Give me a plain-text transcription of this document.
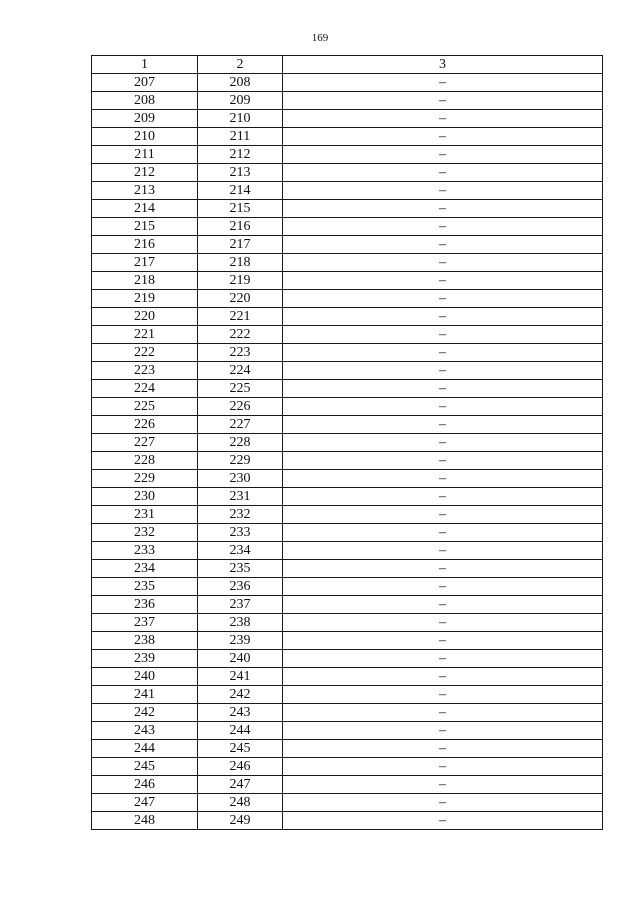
169
1	2	3
207	208	–
208	209	–
209	210	–
210	211	–
211	212	–
212	213	–
213	214	–
214	215	–
215	216	–
216	217	–
217	218	–
218	219	–
219	220	–
220	221	–
221	222	–
222	223	–
223	224	–
224	225	–
225	226	–
226	227	–
227	228	–
228	229	–
229	230	–
230	231	–
231	232	–
232	233	–
233	234	–
234	235	–
235	236	–
236	237	–
237	238	–
238	239	–
239	240	–
240	241	–
241	242	–
242	243	–
243	244	–
244	245	–
245	246	–
246	247	–
247	248	–
248	249	–
